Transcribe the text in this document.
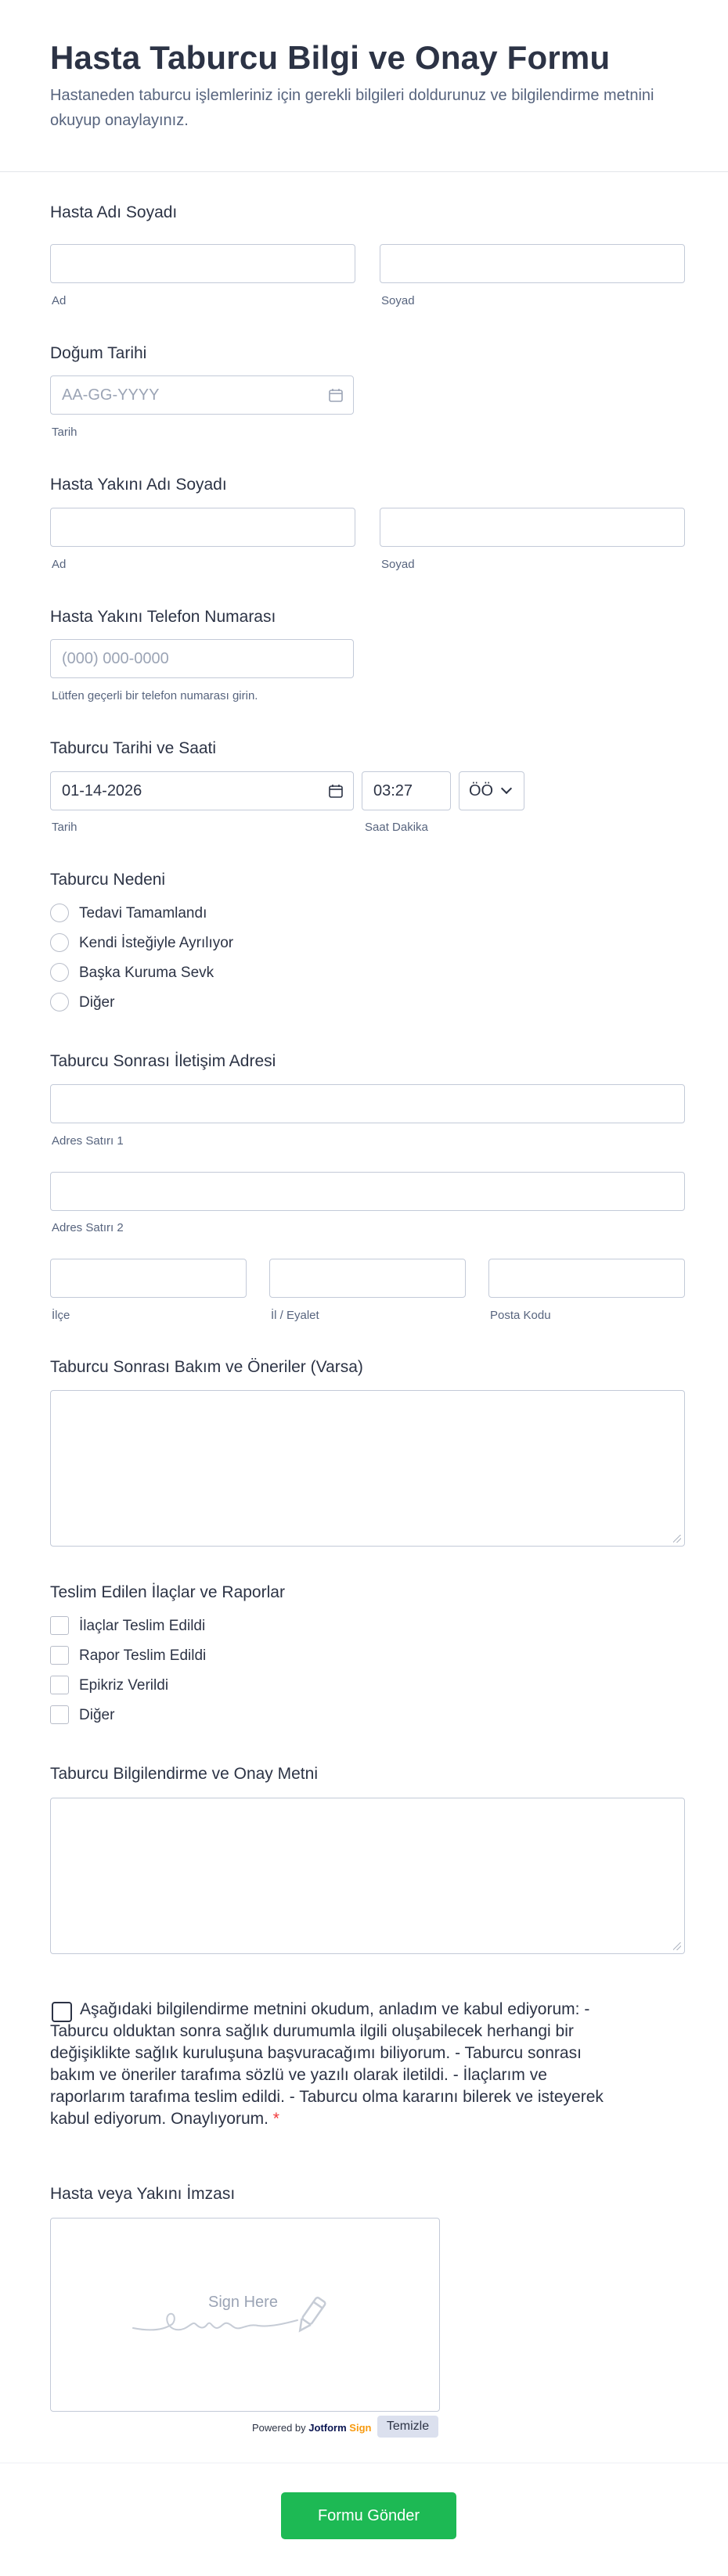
Hasta Taburcu Bilgi ve Onay Formu
Hastaneden taburcu işlemleriniz için gerekli bilgileri doldurunuz ve bilgilendirme metnini okuyup onaylayınız.
Hasta Adı Soyadı
Ad	Soyad
Doğum Tarihi
AA-GG-YYYY
Tarih
Hasta Yakını Adı Soyadı
Ad	Soyad
Hasta Yakını Telefon Numarası
(000) 000-0000
Lütfen geçerli bir telefon numarası girin.
Taburcu Tarihi ve Saati
01-14-2026	03:27	ÖÖ
Tarih	Saat Dakika
Taburcu Nedeni
Tedavi Tamamlandı
Kendi İsteğiyle Ayrılıyor
Başka Kuruma Sevk
Diğer
Taburcu Sonrası İletişim Adresi
Adres Satırı 1
Adres Satırı 2
İlçe	İl / Eyalet	Posta Kodu
Taburcu Sonrası Bakım ve Öneriler (Varsa)
Teslim Edilen İlaçlar ve Raporlar
İlaçlar Teslim Edildi
Rapor Teslim Edildi
Epikriz Verildi
Diğer
Taburcu Bilgilendirme ve Onay Metni
Aşağıdaki bilgilendirme metnini okudum, anladım ve kabul ediyorum: - Taburcu olduktan sonra sağlık durumumla ilgili oluşabilecek herhangi bir değişiklikte sağlık kuruluşuna başvuracağımı biliyorum. - Taburcu sonrası bakım ve öneriler tarafıma sözlü ve yazılı olarak iletildi. - İlaçlarım ve raporlarım tarafıma teslim edildi. - Taburcu olma kararını bilerek ve isteyerek kabul ediyorum. Onaylıyorum. *
Hasta veya Yakını İmzası
Sign Here
Powered by Jotform Sign	Temizle
Formu Gönder
